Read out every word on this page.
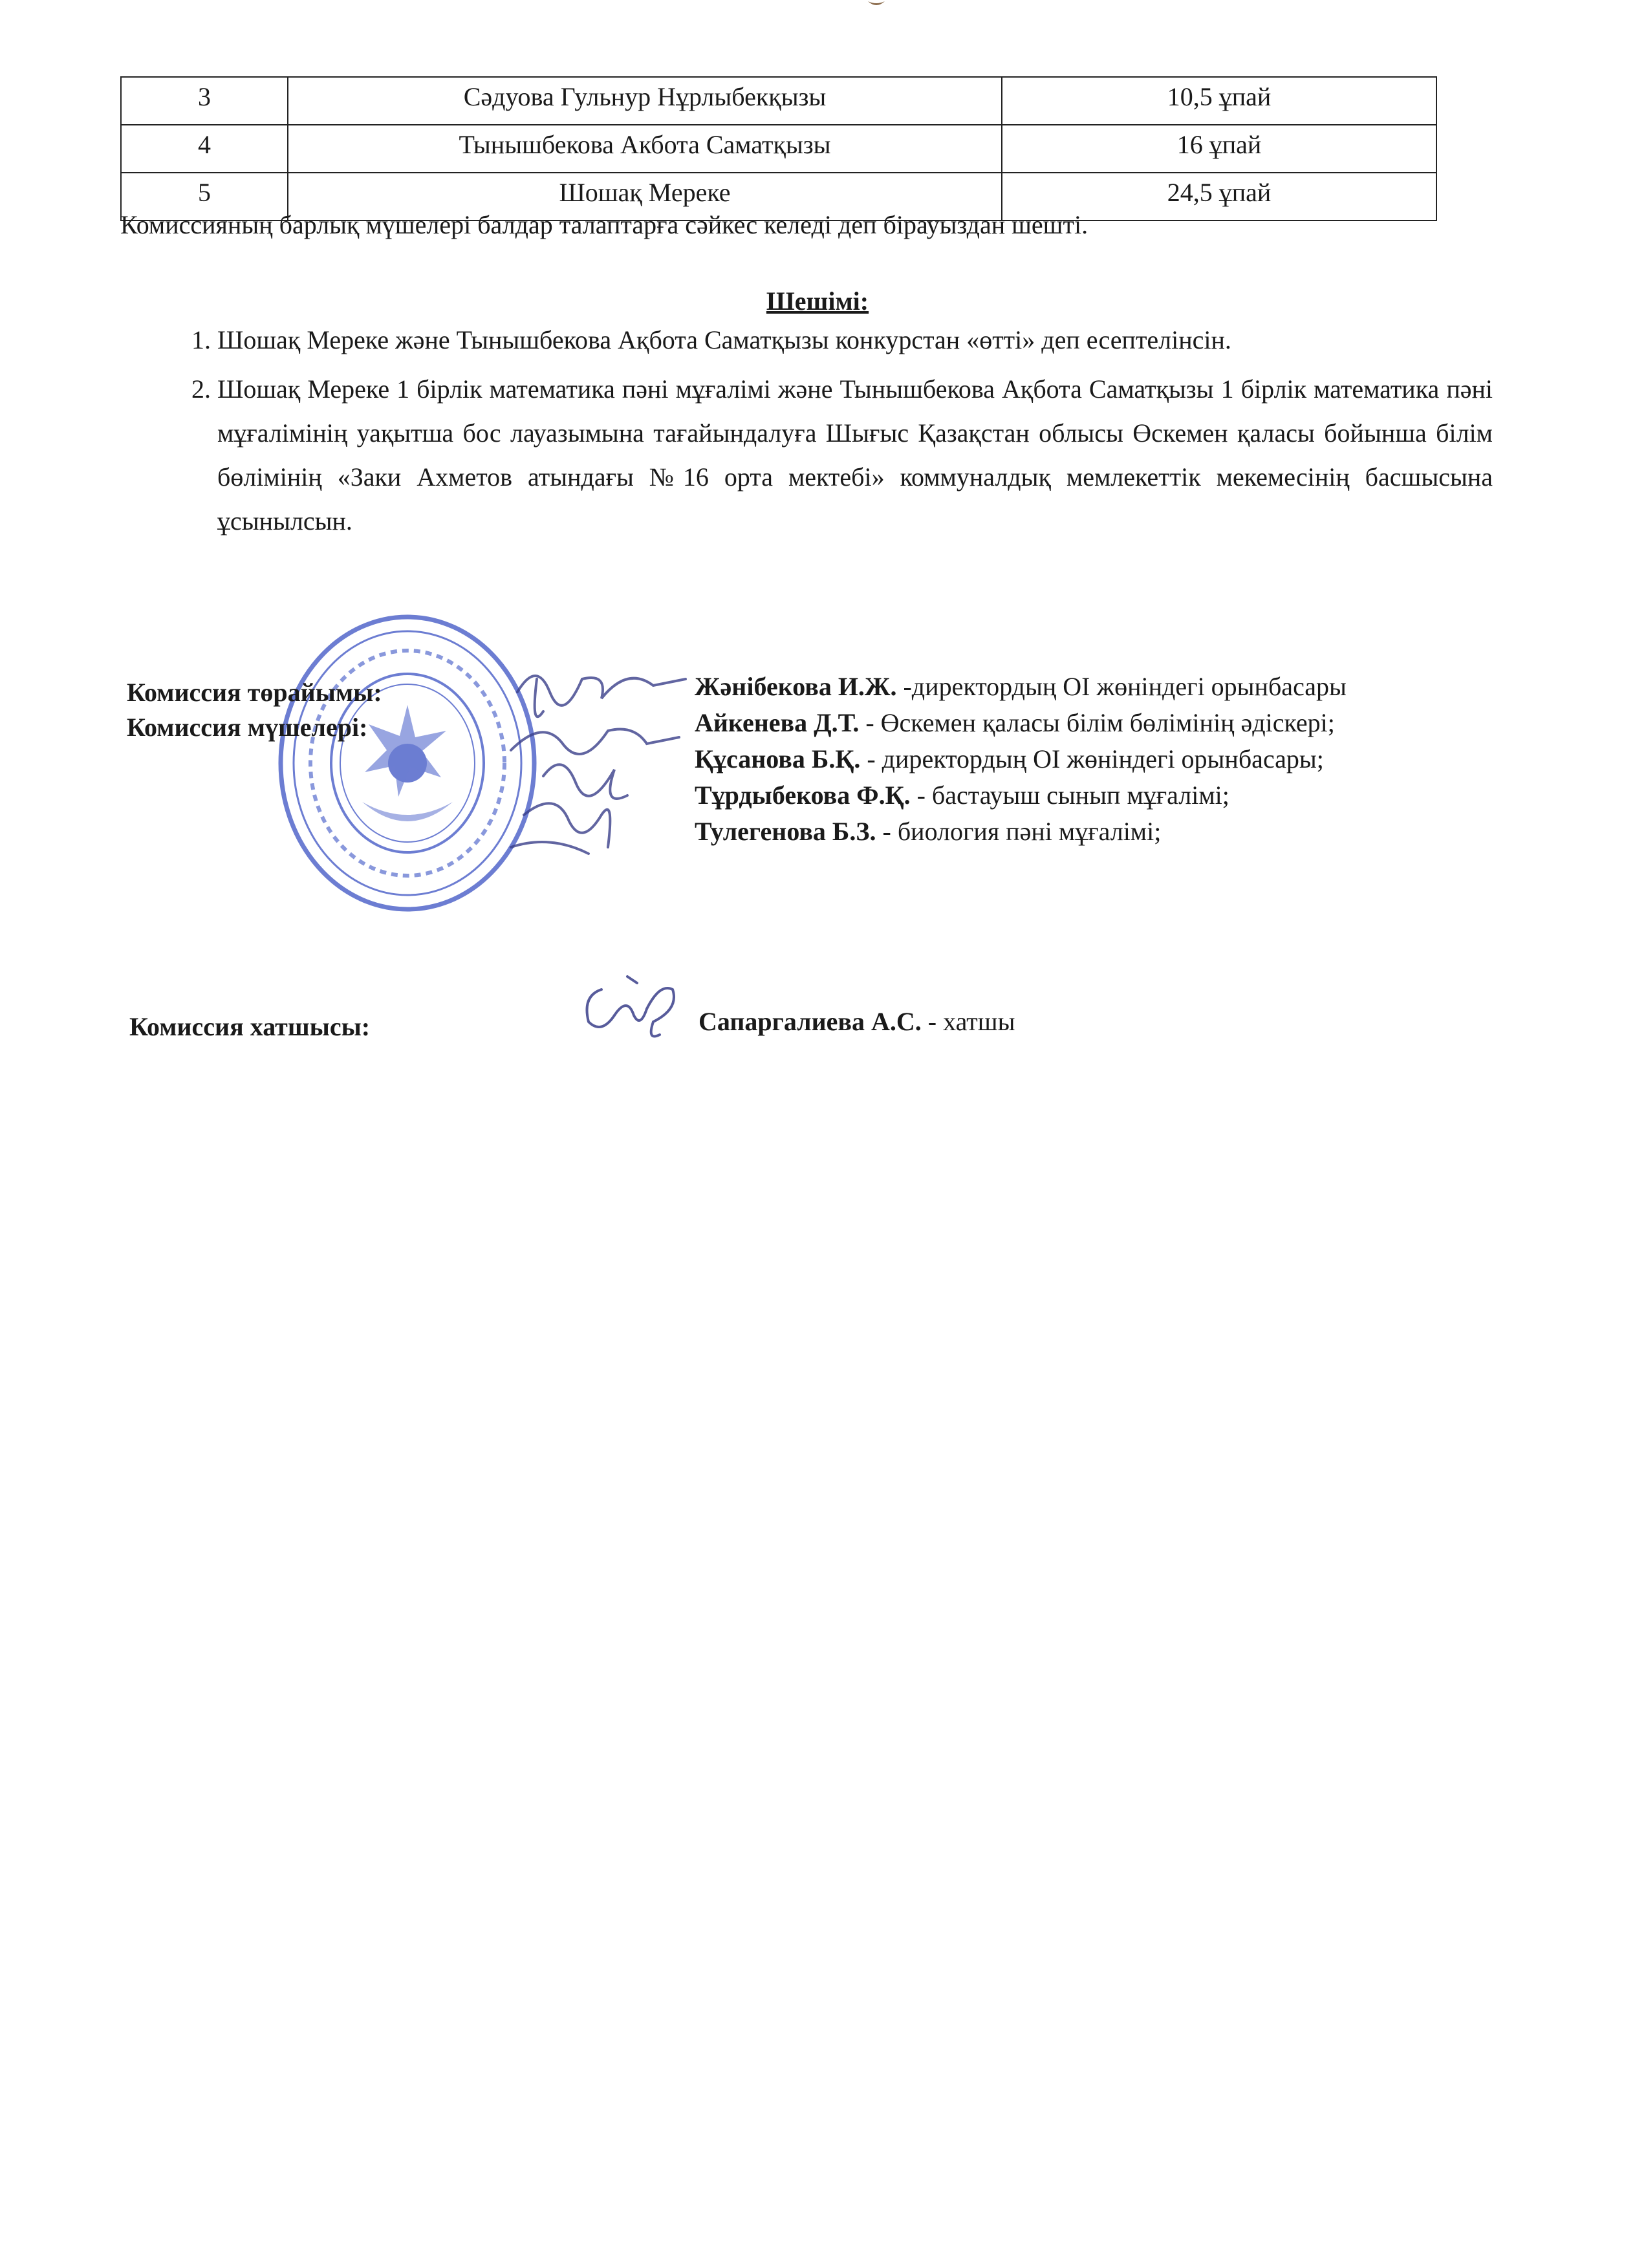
3	Сәдуова Гульнур Нұрлыбекқызы	10,5 ұпай
4	Тынышбекова Акбота Саматқызы	16 ұпай
5	Шошақ Мереке	24,5 ұпай
Комиссияның барлық мүшелері балдар талаптарға сәйкес келеді деп бірауыздан шешті.
Шешімі:
1. Шошақ Мереке және Тынышбекова Ақбота Саматқызы конкурстан «өтті» деп есептелінсін.
2. Шошақ Мереке 1 бірлік математика пәні мұғалімі және Тынышбекова Ақбота Саматқызы 1 бірлік математика пәні мұғалімінің уақытша бос лауазымына тағайындалуға Шығыс Қазақстан облысы Өскемен қаласы бойынша білім бөлімінің «Заки Ахметов атындағы №16 орта мектебі» коммуналдық мемлекеттік мекемесінің басшысына ұсынылсын.
Комиссия төрайымы:
Комиссия мүшелері:
Жәнібекова И.Ж. -директордың ОІ жөніндегі орынбасары
Айкенева Д.Т. - Өскемен қаласы білім бөлімінің әдіскері;
Құсанова Б.Қ. - директордың ОІ жөніндегі орынбасары;
Тұрдыбекова Ф.Қ. - бастауыш сынып мұғалімі;
Тулегенова Б.З. - биология пәні мұғалімі;
Комиссия хатшысы:	Сапаргалиева А.С. - хатшы
